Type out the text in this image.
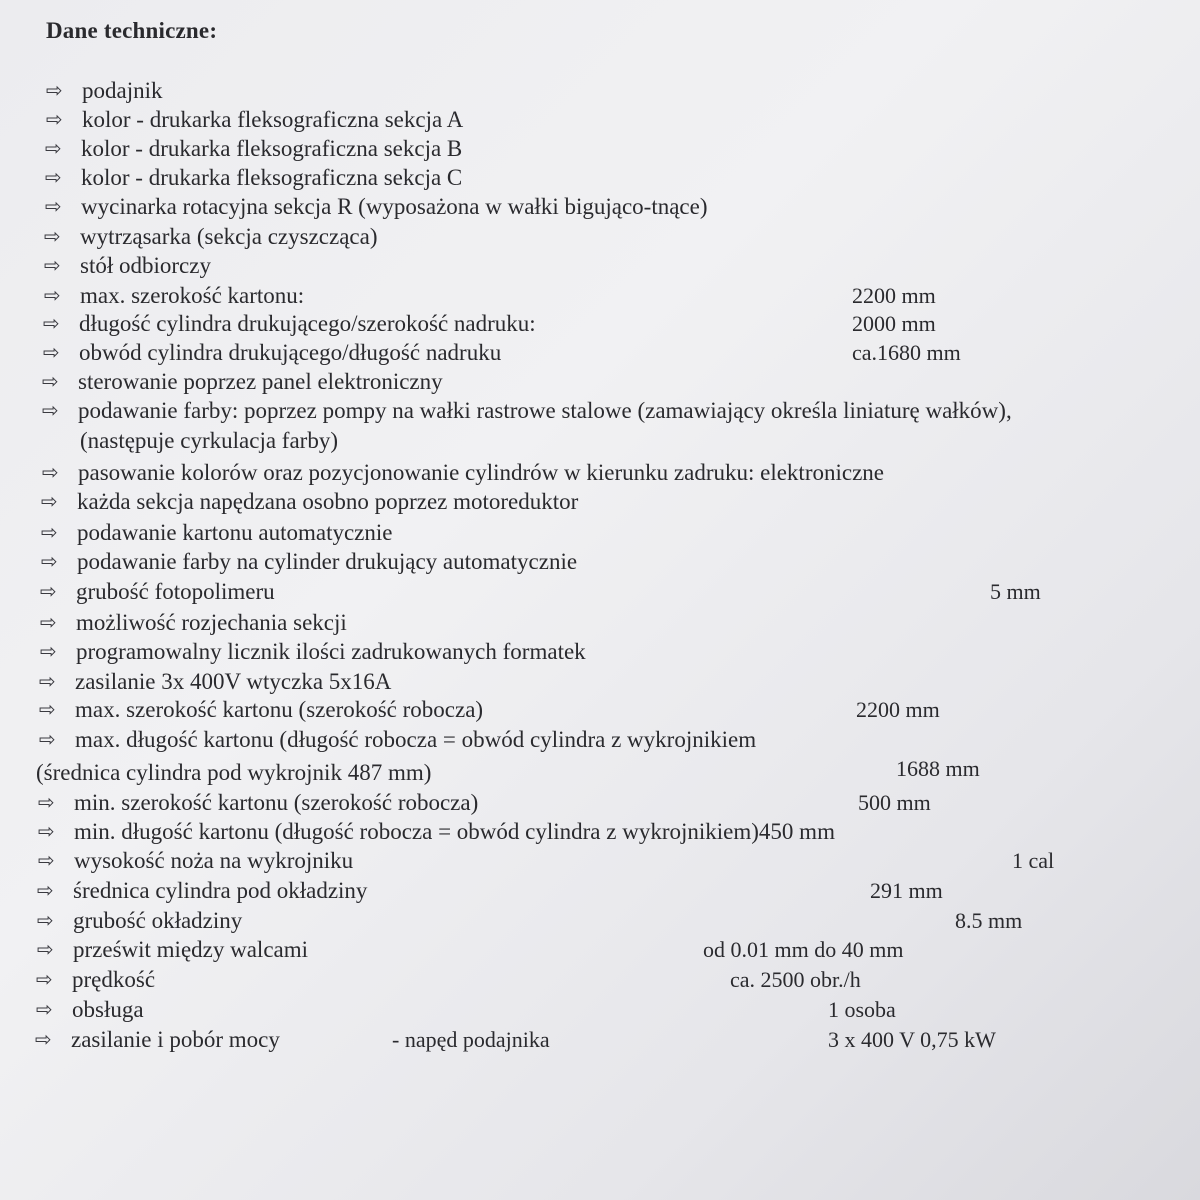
Dane techniczne:
⇨ podajnik
⇨ kolor - drukarka fleksograficzna sekcja A
⇨ kolor - drukarka fleksograficzna sekcja B
⇨ kolor - drukarka fleksograficzna sekcja C
⇨ wycinarka rotacyjna sekcja R (wyposażona w wałki bigująco-tnące)
⇨ wytrząsarka (sekcja czyszcząca)
⇨ stół odbiorczy
⇨ max. szerokość kartonu:	2200 mm
⇨ długość cylindra drukującego/szerokość nadruku:	2000 mm
⇨ obwód cylindra drukującego/długość nadruku	ca.1680 mm
⇨ sterowanie poprzez panel elektroniczny
⇨ podawanie farby: poprzez pompy na wałki rastrowe stalowe (zamawiający określa liniaturę wałków),
(następuje cyrkulacja farby)
⇨ pasowanie kolorów oraz pozycjonowanie cylindrów w kierunku zadruku: elektroniczne
⇨ każda sekcja napędzana osobno poprzez motoreduktor
⇨ podawanie kartonu automatycznie
⇨ podawanie farby na cylinder drukujący automatycznie
⇨ grubość fotopolimeru	5 mm
⇨ możliwość rozjechania sekcji
⇨ programowalny licznik ilości zadrukowanych formatek
⇨ zasilanie 3x 400V wtyczka 5x16A
⇨ max. szerokość kartonu (szerokość robocza)	2200 mm
⇨ max. długość kartonu (długość robocza = obwód cylindra z wykrojnikiem
(średnica cylindra pod wykrojnik 487 mm)	1688 mm
⇨ min. szerokość kartonu (szerokość robocza)	500 mm
⇨ min. długość kartonu (długość robocza = obwód cylindra z wykrojnikiem)450 mm
⇨ wysokość noża na wykrojniku	1 cal
⇨ średnica cylindra pod okładziny	291 mm
⇨ grubość okładziny	8.5 mm
⇨ prześwit między walcami	od 0.01 mm do 40 mm
⇨ prędkość	ca. 2500 obr./h
⇨ obsługa	1 osoba
⇨ zasilanie i pobór mocy	- napęd podajnika	3 x 400 V 0,75 kW
